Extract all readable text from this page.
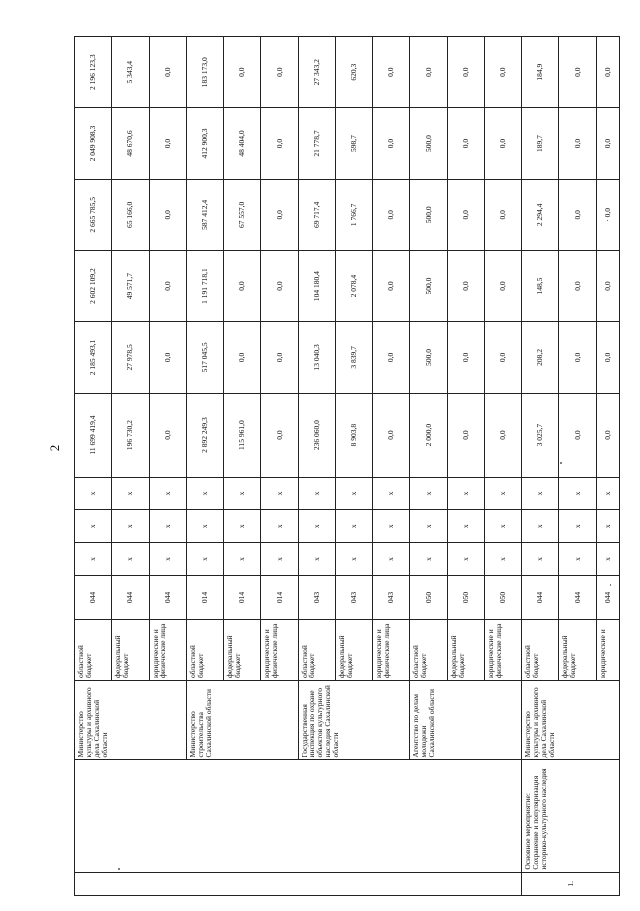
2
		Министерство культуры и архивного дела Сахалинской области	областной бюджет	044	х	х	х	11 699 419,4	2 185 493,1	2 602 109,2	2 665 785,5	2 049 908,3	2 196 123,3
			федеральный бюджет	044	х	х	х	196 730,2	27 978,5	49 571,7	65 166,0	48 670,6	5 343,4
			юридические и физические лица	044	х	х	х	0,0	0,0	0,0	0,0	0,0	0,0
		Министерство строительства Сахалинской области	областной бюджет	014	х	х	х	2 892 249,3	517 045,5	1 191 718,1	587 412,4	412 900,3	183 173,0
			федеральный бюджет	014	х	х	х	115 961,0	0,0	0,0	67 557,0	48 404,0	0,0
			юридические и физические лица	014	х	х	х	0,0	0,0	0,0	0,0	0,0	0,0
		Государственная инспекция по охране объектов культурного наследия Сахалинской области	областной бюджет	043	х	х	х	236 060,0	13 040,3	104 180,4	69 717,4	21 778,7	27 343,2
			федеральный бюджет	043	х	х	х	8 903,8	3 839,7	2 078,4	1 766,7	598,7	620,3
			юридические и физические лица	043	х	х	х	0,0	0,0	0,0	0,0	0,0	0,0
		Агентство по делам молодежи Сахалинской области	областной бюджет	050	х	х	х	2 000,0	500,0	500,0	500,0	500,0	0,0
			федеральный бюджет	050	х	х	х	0,0	0,0	0,0	0,0	0,0	0,0
			юридические и физические лица	050	х	х	х	0,0	0,0	0,0	0,0	0,0	0,0
1.	Основное мероприятие: Сохранение и популяризация историко-культурного наследия	Министерство культуры и архивного дела Сахалинской области	областной бюджет	044	х	х	х	3 025,7	208,2	148,5	2 294,4	189,7	184,9
			федеральный бюджет	044	х	х	х	0,0	0,0	0,0	0,0	0,0	0,0
			юридические и	044	х	х	х	0,0	0,0	0,0	· 0,0	0,0	0,0
